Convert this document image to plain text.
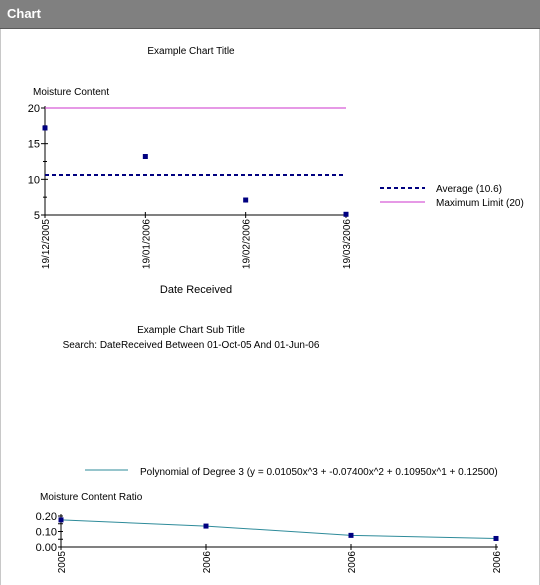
Chart
Example Chart Title
Moisture Content
Date Received
5
10
15
20
19/12/2005	19/01/2006	19/02/2006	19/03/2006
Average (10.6)
Maximum Limit (20)
Example Chart Sub Title
Search: DateReceived Between 01-Oct-05 And 01-Jun-06
Moisture Content Ratio
Polynomial of Degree 3 (y = 0.01050x^3 + -0.07400x^2 + 0.10950x^1 + 0.12500)
0.00
0.10
0.20
2005	2006	2006	2006
